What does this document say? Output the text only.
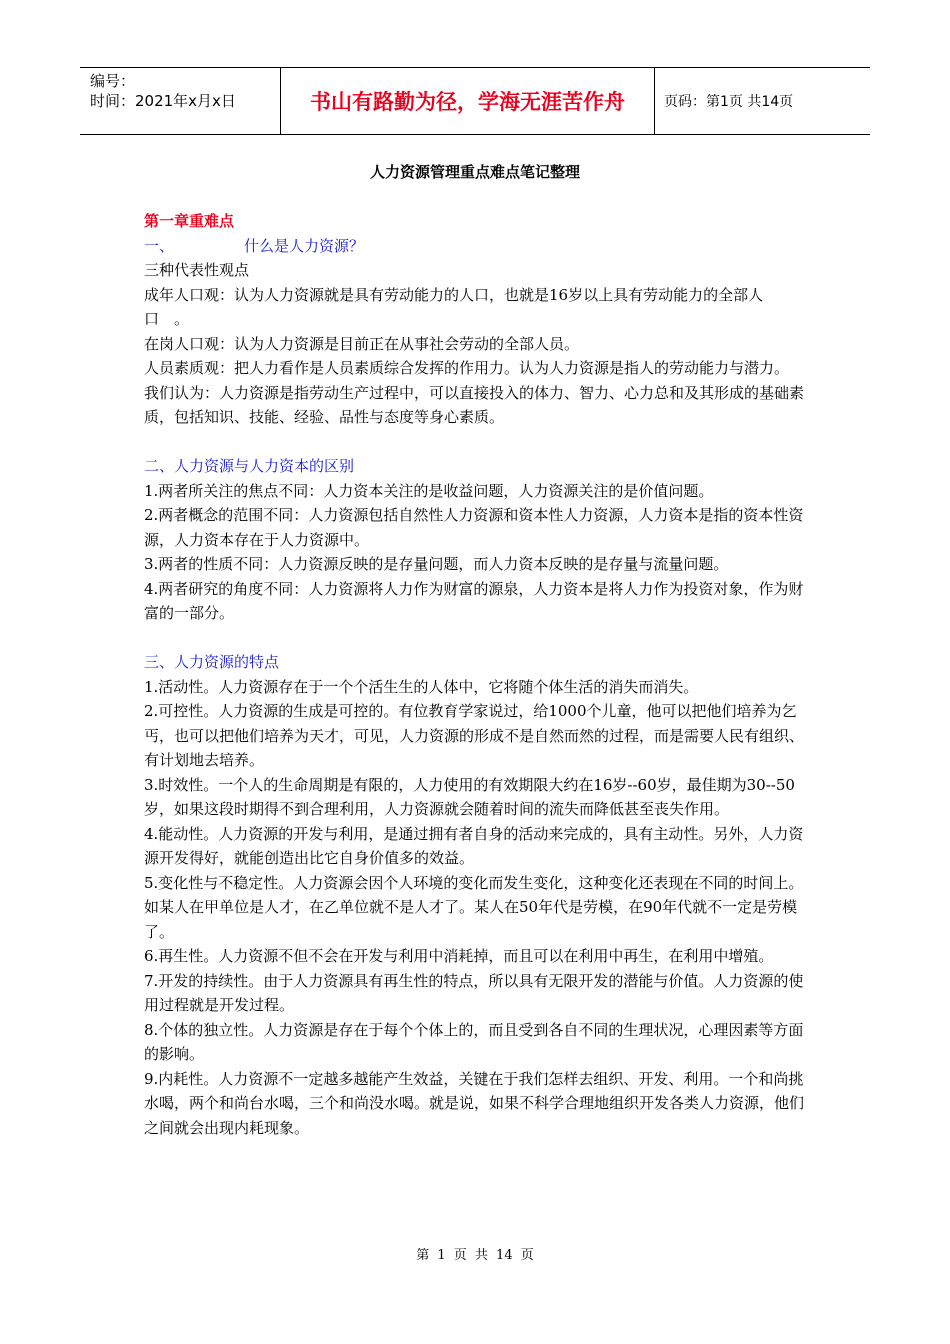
编号：
时间：2021年x月x日	书山有路勤为径，学海无涯苦作舟	页码：第1页 共14页
人力资源管理重点难点笔记整理

第一章重难点

一、	什么是人力资源？

三种代表性观点

成年人口观：认为人力资源就是具有劳动能力的人口，也就是16岁以上具有劳动能力的全部人口　。

在岗人口观：认为人力资源是目前正在从事社会劳动的全部人员。

人员素质观：把人力看作是人员素质综合发挥的作用力。认为人力资源是指人的劳动能力与潜力。

我们认为：人力资源是指劳动生产过程中，可以直接投入的体力、智力、心力总和及其形成的基础素质，包括知识、技能、经验、品性与态度等身心素质。

二、人力资源与人力资本的区别

1.两者所关注的焦点不同：人力资本关注的是收益问题，人力资源关注的是价值问题。

2.两者概念的范围不同：人力资源包括自然性人力资源和资本性人力资源，人力资本是指的资本性资源，人力资本存在于人力资源中。

3.两者的性质不同：人力资源反映的是存量问题，而人力资本反映的是存量与流量问题。

4.两者研究的角度不同：人力资源将人力作为财富的源泉，人力资本是将人力作为投资对象，作为财富的一部分。

三、人力资源的特点

1.活动性。人力资源存在于一个个活生生的人体中，它将随个体生活的消失而消失。

2.可控性。人力资源的生成是可控的。有位教育学家说过，给1000个儿童，他可以把他们培养为乞丐，也可以把他们培养为天才，可见，人力资源的形成不是自然而然的过程，而是需要人民有组织、有计划地去培养。

3.时效性。一个人的生命周期是有限的，人力使用的有效期限大约在16岁--60岁，最佳期为30--50岁，如果这段时期得不到合理利用，人力资源就会随着时间的流失而降低甚至丧失作用。

4.能动性。人力资源的开发与利用，是通过拥有者自身的活动来完成的，具有主动性。另外，人力资源开发得好，就能创造出比它自身价值多的效益。

5.变化性与不稳定性。人力资源会因个人环境的变化而发生变化，这种变化还表现在不同的时间上。如某人在甲单位是人才，在乙单位就不是人才了。某人在50年代是劳模，在90年代就不一定是劳模了。

6.再生性。人力资源不但不会在开发与利用中消耗掉，而且可以在利用中再生，在利用中增殖。

7.开发的持续性。由于人力资源具有再生性的特点，所以具有无限开发的潜能与价值。人力资源的使用过程就是开发过程。

8.个体的独立性。人力资源是存在于每个个体上的，而且受到各自不同的生理状况，心理因素等方面的影响。

9.内耗性。人力资源不一定越多越能产生效益，关键在于我们怎样去组织、开发、利用。一个和尚挑水喝，两个和尚台水喝，三个和尚没水喝。就是说，如果不科学合理地组织开发各类人力资源，他们之间就会出现内耗现象。

第 1 页 共 14 页
